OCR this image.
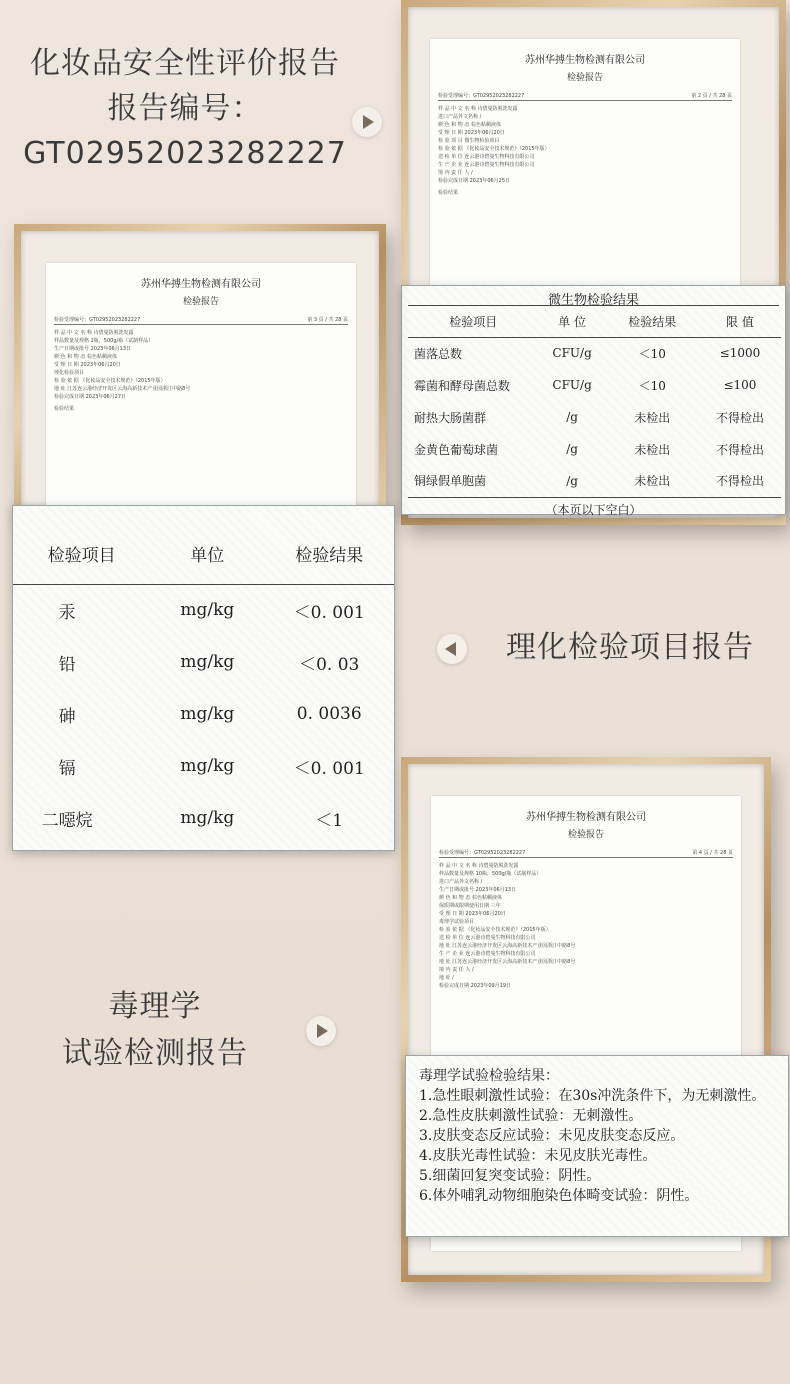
化妆品安全性评价报告
报告编号：
GT02952023282227
苏州华搏生物检测有限公司
检验报告
检验受理编号：GT02952023282227	第 2 页 / 共 28 页
样 品 中 文 名 称 诗碧曼防脱洗发露
进口产品外文名称 /
颜 色 和 物 态 棕色粘稠液体
受 理 日 期 2023年06月20日
检 验 项 目 微生物检验项目
检 验 依 据 《化妆品安全技术规范》（2015年版）
送 检 单 位 连云港诗碧曼生物科技有限公司
生 产 企 业 连云港诗碧曼生物科技有限公司
境 内 责 任 人 /
检验完成日期 2023年06月25日
检验结果
微生物检验结果
检验项目	单 位	检验结果	限 值
菌落总数	CFU/g	＜10	≤1000
霉菌和酵母菌总数	CFU/g	＜10	≤100
耐热大肠菌群	/g	未检出	不得检出
金黄色葡萄球菌	/g	未检出	不得检出
铜绿假单胞菌	/g	未检出	不得检出
（本页以下空白）
苏州华搏生物检测有限公司
检验报告
检验受理编号：GT02952023282227	第 3 页 / 共 28 页
样 品 中 文 名 称 诗碧曼防脱洗发露
样品数量及规格 2瓶，500g/瓶（试制样品）
生产日期或批号 2023年06月13日
颜 色 和 物 态 棕色粘稠液体
受 理 日 期 2023年06月20日
理化检验项目
检 验 依 据 《化妆品安全技术规范》（2015年版）
地 址 江苏连云港经济开发区云海高新技术产业园浙江中路8号
检验完成日期 2023年06月27日
检验结果
检验项目	单位	检验结果
汞	mg/kg	＜0. 001
铅	mg/kg	＜0. 03
砷	mg/kg	0. 0036
镉	mg/kg	＜0. 001
二噁烷	mg/kg	＜1
理化检验项目报告
苏州华搏生物检测有限公司
检验报告
检验受理编号：GT02952023282227	第 4 页 / 共 28 页
样 品 中 文 名 称 诗碧曼防脱洗发露
样品数量及规格 10瓶，500g/瓶（试制样品）
进口产品外文名称 /
生产日期或批号 2023年06月13日
颜 色 和 物 态 棕色粘稠液体
保质期或限期使用日期 三年
受 理 日 期 2023年06月20日
毒理学试验项目
检 验 依 据 《化妆品安全技术规范》（2015年版）
送 检 单 位 连云港诗碧曼生物科技有限公司
地 址 江苏连云港经济开发区云海高新技术产业园浙江中路8号
生 产 企 业 连云港诗碧曼生物科技有限公司
地 址 江苏连云港经济开发区云海高新技术产业园浙江中路8号
境 内 责 任 人 /
地 址 /
检验完成日期 2023年09月19日
毒理学试验检验结果：
1.急性眼刺激性试验：在30s冲洗条件下，为无刺激性。
2.急性皮肤刺激性试验：无刺激性。
3.皮肤变态反应试验：未见皮肤变态反应。
4.皮肤光毒性试验：未见皮肤光毒性。
5.细菌回复突变试验：阴性。
6.体外哺乳动物细胞染色体畸变试验：阴性。
毒理学
试验检测报告
